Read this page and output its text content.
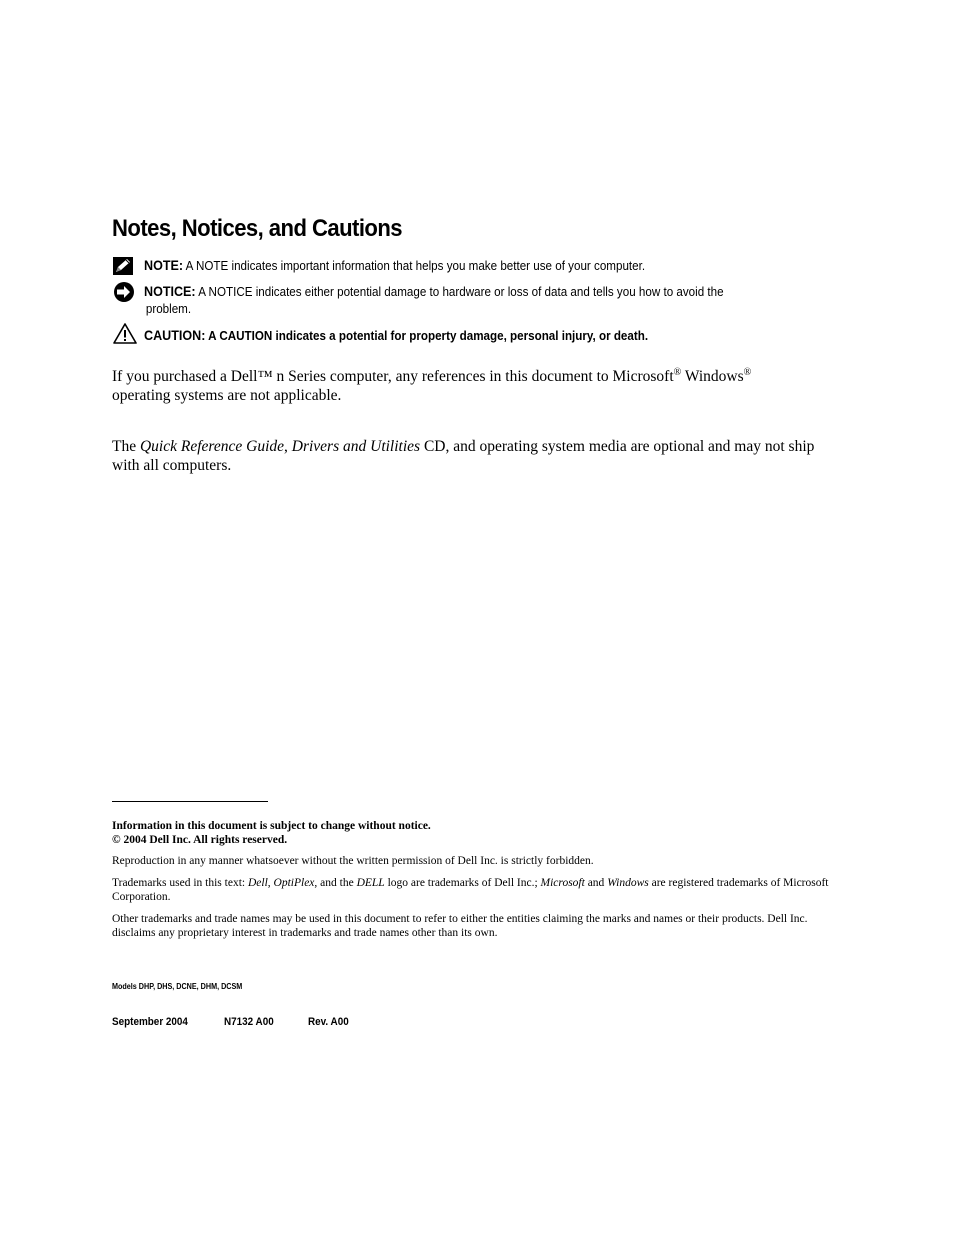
Notes, Notices, and Cautions
NOTE: A NOTE indicates important information that helps you make better use of your computer.
NOTICE: A NOTICE indicates either potential damage to hardware or loss of data and tells you how to avoid the
problem.
CAUTION: A CAUTION indicates a potential for property damage, personal injury, or death.

If you purchased a Dell™ n Series computer, any references in this document to Microsoft® Windows®
operating systems are not applicable.

The Quick Reference Guide, Drivers and Utilities CD, and operating system media are optional and may not ship with all computers.

Information in this document is subject to change without notice.
© 2004 Dell Inc. All rights reserved.
Reproduction in any manner whatsoever without the written permission of Dell Inc. is strictly forbidden.
Trademarks used in this text: Dell, OptiPlex, and the DELL logo are trademarks of Dell Inc.; Microsoft and Windows are registered trademarks of Microsoft Corporation.
Other trademarks and trade names may be used in this document to refer to either the entities claiming the marks and names or their products. Dell Inc. disclaims any proprietary interest in trademarks and trade names other than its own.
Models DHP, DHS, DCNE, DHM, DCSM
September 2004	N7132 A00	Rev. A00
